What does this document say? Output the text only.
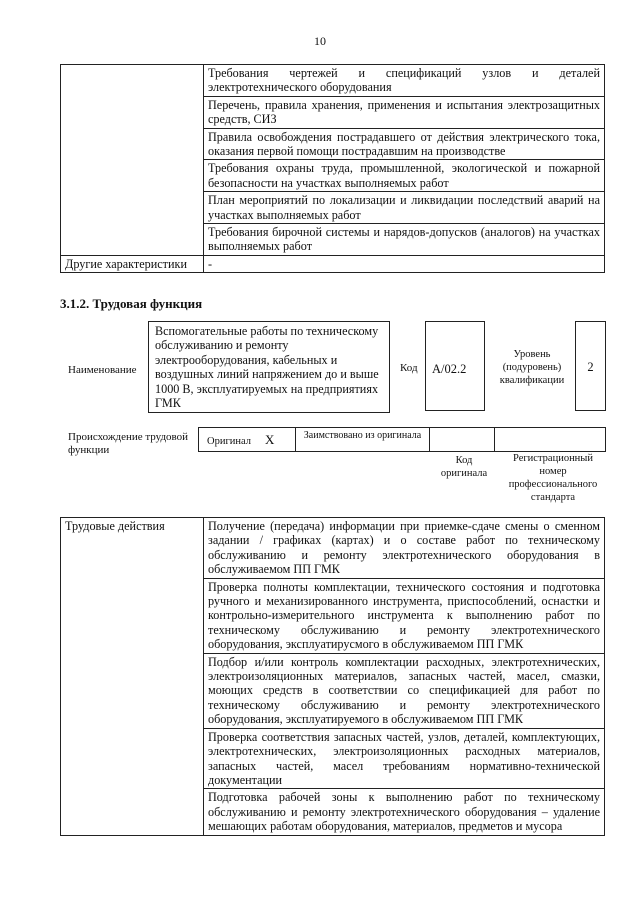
10
	Требования чертежей и спецификаций узлов и деталей электротехнического оборудования
	Перечень, правила хранения, применения и испытания электрозащитных средств, СИЗ
	Правила освобождения пострадавшего от действия электрического тока, оказания первой помощи пострадавшим на производстве
	Требования охраны труда, промышленной, экологической и пожарной безопасности на участках выполняемых работ
	План мероприятий по локализации и ликвидации последствий аварий на участках выполняемых работ
	Требования бирочной системы и нарядов-допусков (аналогов) на участках выполняемых работ
Другие характеристики	-
3.1.2. Трудовая функция
Наименование
Вспомогательные работы по техническому обслуживанию и ремонту электрооборудования, кабельных и воздушных линий напряжением до и выше 1000 В, эксплуатируемых на предприятиях ГМК
Код	А/02.2
Уровень (подуровень) квалификации
2
Происхождение трудовой функции
Оригинал X	Заимствовано из оригинала
Код оригинала
Регистрационный номер профессионального стандарта
Трудовые действия	Получение (передача) информации при приемке-сдаче смены о сменном задании / графиках (картах) и о составе работ по техническому обслуживанию и ремонту электротехнического оборудования в обслуживаемом ПП ГМК
Проверка полноты комплектации, технического состояния и подготовка ручного и механизированного инструмента, приспособлений, оснастки и контрольно-измерительного инструмента к выполнению работ по техническому обслуживанию и ремонту электротехнического оборудования, эксплуатирусмого в обслуживаемом ПП ГМК
Подбор и/или контроль комплектации расходных, электротехнических, электроизоляционных материалов, запасных частей, масел, смазки, моющих средств в соответствии со спецификацией для работ по техническому обслуживанию и ремонту электротехнического оборудования, эксплуатируемого в обслуживаемом ПП ГМК
Проверка соответствия запасных частей, узлов, деталей, комплектующих, электротехнических, электроизоляционных расходных материалов, запасных частей, масел требованиям нормативно-технической документации
Подготовка рабочей зоны к выполнению работ по техническому обслуживанию и ремонту электротехнического оборудования – удаление мешающих работам оборудования, материалов, предметов и мусора
